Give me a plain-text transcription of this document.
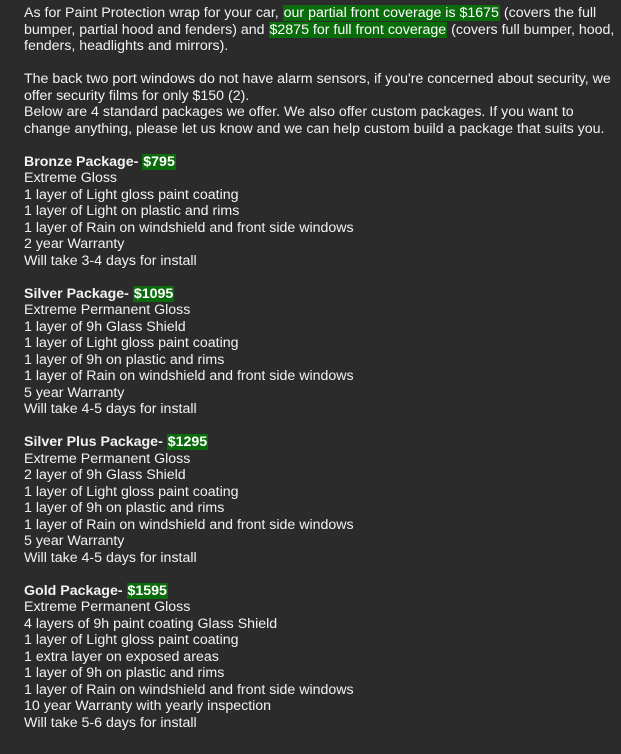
As for Paint Protection wrap for your car, our partial front coverage is $1675 (covers the full bumper, partial hood and fenders) and $2875 for full front coverage (covers full bumper, hood, fenders, headlights and mirrors).

The back two port windows do not have alarm sensors, if you're concerned about security, we offer security films for only $150 (2).

Below are 4 standard packages we offer. We also offer custom packages. If you want to change anything, please let us know and we can help custom build a package that suits you.

Bronze Package- $795

Extreme Gloss

1 layer of Light gloss paint coating

1 layer of Light on plastic and rims

1 layer of Rain on windshield and front side windows

2 year Warranty

Will take 3-4 days for install

Silver Package- $1095

Extreme Permanent Gloss

1 layer of 9h Glass Shield

1 layer of Light gloss paint coating

1 layer of 9h on plastic and rims

1 layer of Rain on windshield and front side windows

5 year Warranty

Will take 4-5 days for install

Silver Plus Package- $1295

Extreme Permanent Gloss

2 layer of 9h Glass Shield

1 layer of Light gloss paint coating

1 layer of 9h on plastic and rims

1 layer of Rain on windshield and front side windows

5 year Warranty

Will take 4-5 days for install

Gold Package- $1595

Extreme Permanent Gloss

4 layers of 9h paint coating Glass Shield

1 layer of Light gloss paint coating

1 extra layer on exposed areas

1 layer of 9h on plastic and rims

1 layer of Rain on windshield and front side windows

10 year Warranty with yearly inspection

Will take 5-6 days for install
